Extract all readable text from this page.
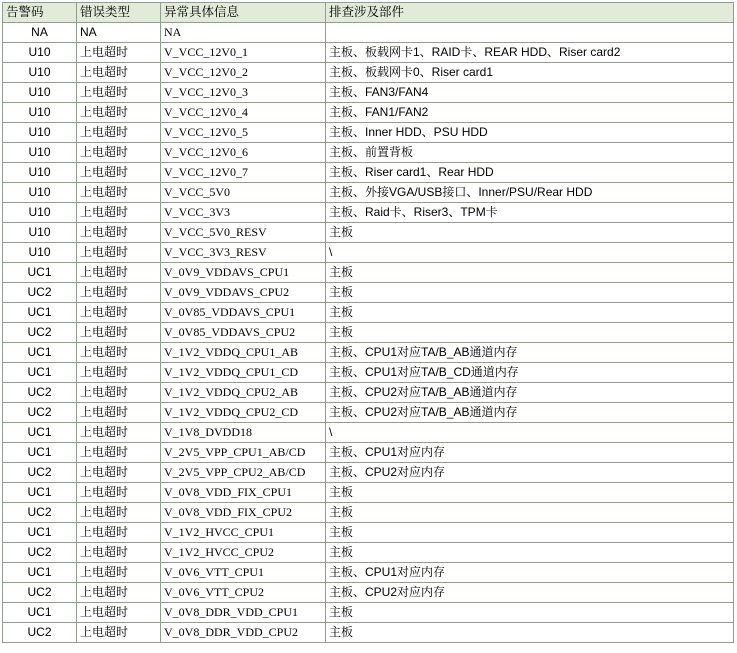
告警码	错误类型	异常具体信息	排查涉及部件
NA	NA	NA	
U10	上电超时	V_VCC_12V0_1	主板、板载网卡1、RAID卡、REAR HDD、Riser card2
U10	上电超时	V_VCC_12V0_2	主板、板载网卡0、Riser card1
U10	上电超时	V_VCC_12V0_3	主板、FAN3/FAN4
U10	上电超时	V_VCC_12V0_4	主板、FAN1/FAN2
U10	上电超时	V_VCC_12V0_5	主板、Inner HDD、PSU HDD
U10	上电超时	V_VCC_12V0_6	主板、前置背板
U10	上电超时	V_VCC_12V0_7	主板、Riser card1、Rear HDD
U10	上电超时	V_VCC_5V0	主板、外接VGA/USB接口、Inner/PSU/Rear HDD
U10	上电超时	V_VCC_3V3	主板、Raid卡、Riser3、TPM卡
U10	上电超时	V_VCC_5V0_RESV	主板
U10	上电超时	V_VCC_3V3_RESV	\
UC1	上电超时	V_0V9_VDDAVS_CPU1	主板
UC2	上电超时	V_0V9_VDDAVS_CPU2	主板
UC1	上电超时	V_0V85_VDDAVS_CPU1	主板
UC2	上电超时	V_0V85_VDDAVS_CPU2	主板
UC1	上电超时	V_1V2_VDDQ_CPU1_AB	主板、CPU1对应TA/B_AB通道内存
UC1	上电超时	V_1V2_VDDQ_CPU1_CD	主板、CPU1对应TA/B_CD通道内存
UC2	上电超时	V_1V2_VDDQ_CPU2_AB	主板、CPU2对应TA/B_AB通道内存
UC2	上电超时	V_1V2_VDDQ_CPU2_CD	主板、CPU2对应TA/B_AB通道内存
UC1	上电超时	V_1V8_DVDD18	\
UC1	上电超时	V_2V5_VPP_CPU1_AB/CD	主板、CPU1对应内存
UC2	上电超时	V_2V5_VPP_CPU2_AB/CD	主板、CPU2对应内存
UC1	上电超时	V_0V8_VDD_FIX_CPU1	主板
UC2	上电超时	V_0V8_VDD_FIX_CPU2	主板
UC1	上电超时	V_1V2_HVCC_CPU1	主板
UC2	上电超时	V_1V2_HVCC_CPU2	主板
UC1	上电超时	V_0V6_VTT_CPU1	主板、CPU1对应内存
UC2	上电超时	V_0V6_VTT_CPU2	主板、CPU2对应内存
UC1	上电超时	V_0V8_DDR_VDD_CPU1	主板
UC2	上电超时	V_0V8_DDR_VDD_CPU2	主板
